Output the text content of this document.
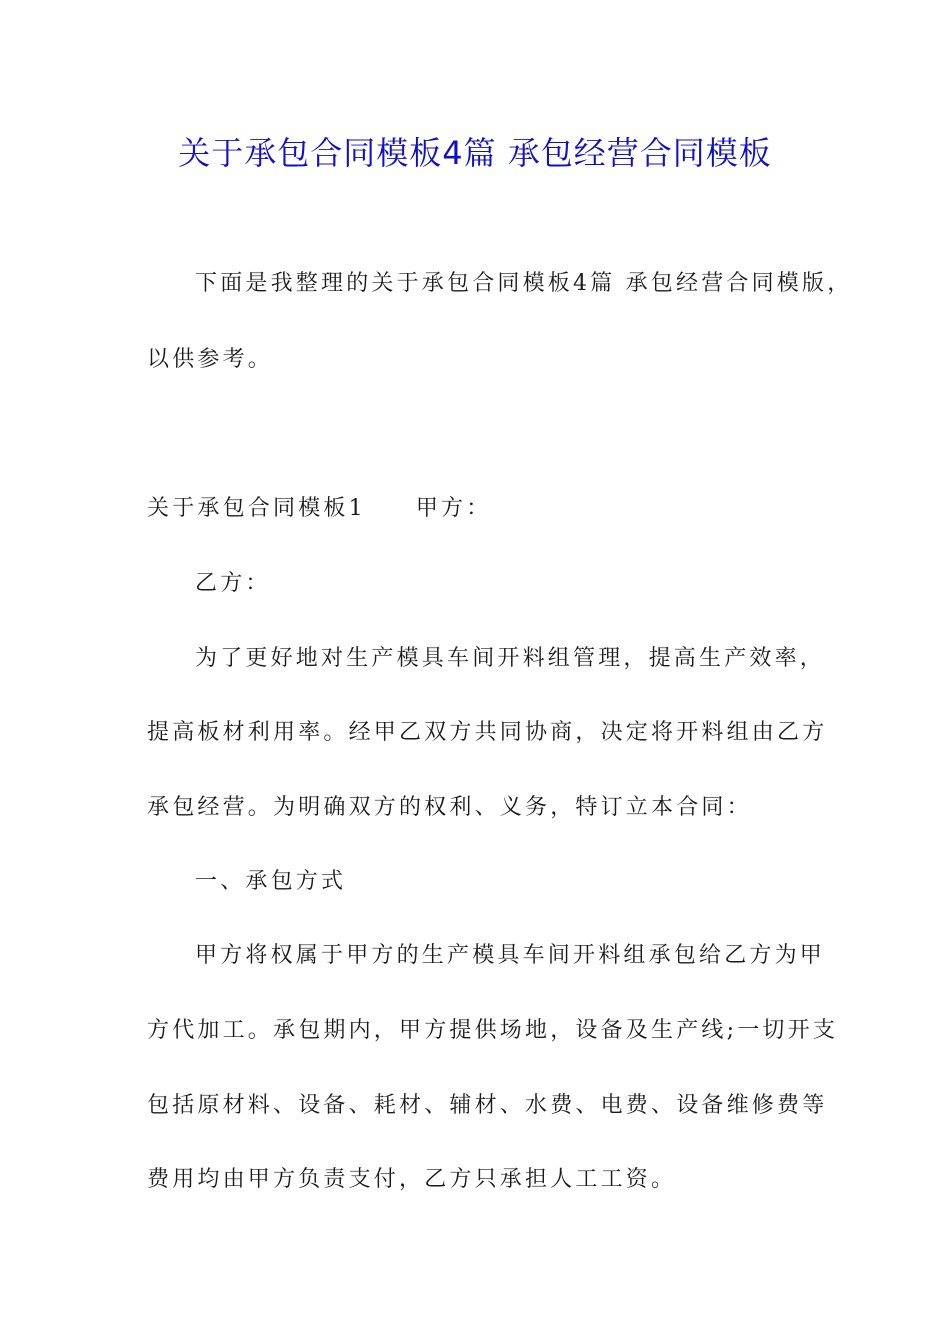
关于承包合同模板4篇 承包经营合同模板
下面是我整理的关于承包合同模板4篇 承包经营合同模版，
以供参考。
关于承包合同模板1 甲方：
乙方：
为了更好地对生产模具车间开料组管理，提高生产效率，
提高板材利用率。经甲乙双方共同协商，决定将开料组由乙方
承包经营。为明确双方的权利、义务，特订立本合同：
一、承包方式
甲方将权属于甲方的生产模具车间开料组承包给乙方为甲
方代加工。承包期内，甲方提供场地，设备及生产线;一切开支
包括原材料、设备、耗材、辅材、水费、电费、设备维修费等
费用均由甲方负责支付，乙方只承担人工工资。
